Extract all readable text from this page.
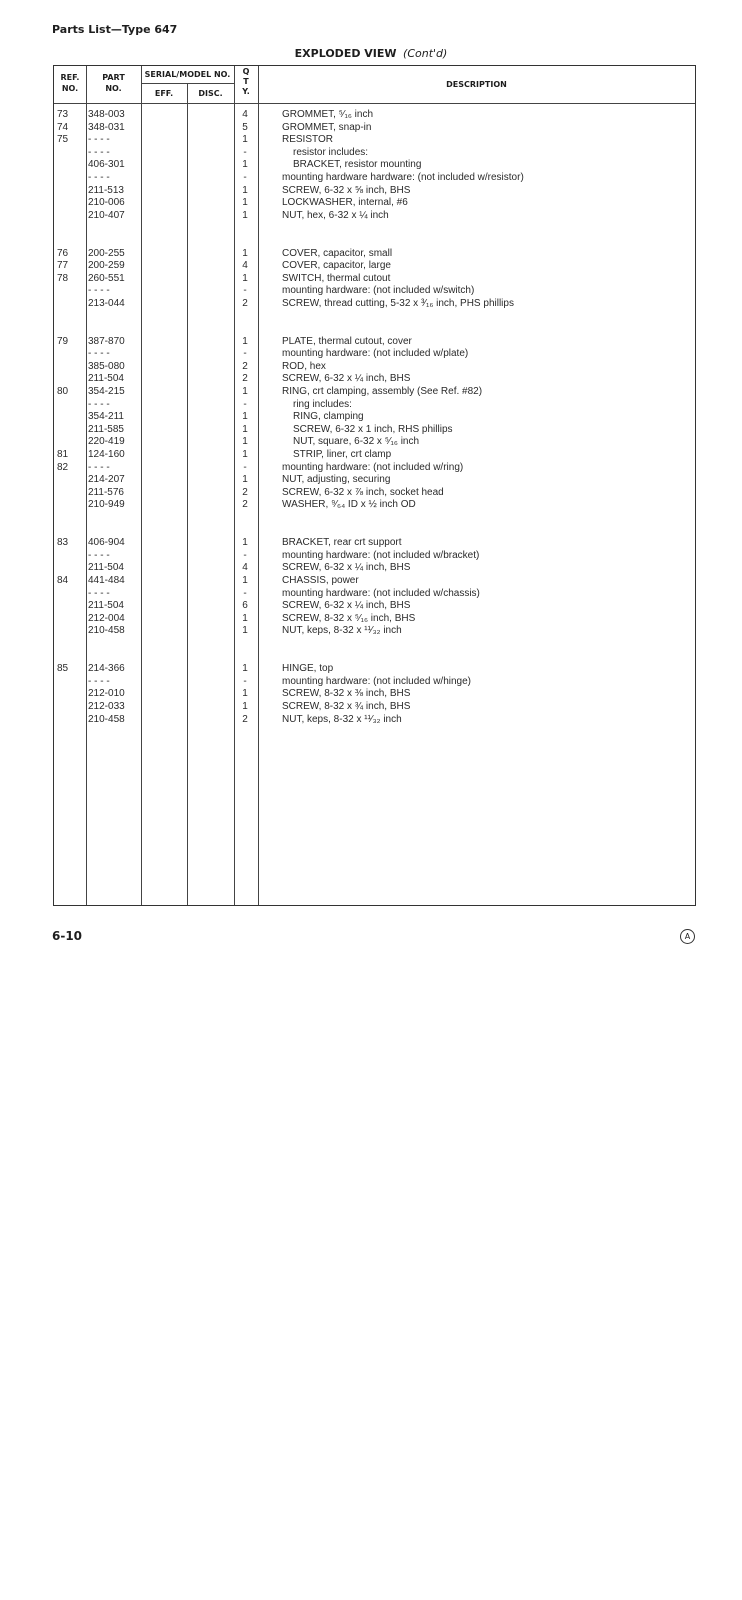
Parts List—Type 647
EXPLODED VIEW (Cont'd)
REF.
NO.
PART
NO.
SERIAL/MODEL NO.
EFF.	DISC.
Q
T
Y.
DESCRIPTION
73 348-003	4	GROMMET, ⁵⁄₁₆ inch
74 348-031	5	GROMMET, snap-in
75 - - - -	1	RESISTOR
- - - -	-	resistor includes:
406-301	1	BRACKET, resistor mounting
- - - -	-	mounting hardware hardware: (not included w/resistor)
211-513	1	SCREW, 6-32 x ⅝ inch, BHS
210-006	1	LOCKWASHER, internal, #6
210-407	1	NUT, hex, 6-32 x ¼ inch
76 200-255	1	COVER, capacitor, small
77 200-259	4	COVER, capacitor, large
78 260-551	1	SWITCH, thermal cutout
- - - -	-	mounting hardware: (not included w/switch)
213-044	2	SCREW, thread cutting, 5-32 x ³⁄₁₆ inch, PHS phillips
79 387-870	1	PLATE, thermal cutout, cover
- - - -	-	mounting hardware: (not included w/plate)
385-080	2	ROD, hex
211-504	2	SCREW, 6-32 x ¼ inch, BHS
80 354-215	1	RING, crt clamping, assembly (See Ref. #82)
- - - -	-	ring includes:
354-211	1	RING, clamping
211-585	1	SCREW, 6-32 x 1 inch, RHS phillips
220-419	1	NUT, square, 6-32 x ⁵⁄₁₆ inch
81 124-160	1	STRIP, liner, crt clamp
82 - - - -	-	mounting hardware: (not included w/ring)
214-207	1	NUT, adjusting, securing
211-576	2	SCREW, 6-32 x ⅞ inch, socket head
210-949	2	WASHER, ⁹⁄₆₄ ID x ½ inch OD
83 406-904	1	BRACKET, rear crt support
- - - -	-	mounting hardware: (not included w/bracket)
211-504	4	SCREW, 6-32 x ¼ inch, BHS
84 441-484	1	CHASSIS, power
- - - -	-	mounting hardware: (not included w/chassis)
211-504	6	SCREW, 6-32 x ¼ inch, BHS
212-004	1	SCREW, 8-32 x ⁵⁄₁₆ inch, BHS
210-458	1	NUT, keps, 8-32 x ¹¹⁄₃₂ inch
85 214-366	1	HINGE, top
- - - -	-	mounting hardware: (not included w/hinge)
212-010	1	SCREW, 8-32 x ⅜ inch, BHS
212-033	1	SCREW, 8-32 x ¾ inch, BHS
210-458	2	NUT, keps, 8-32 x ¹¹⁄₃₂ inch
6-10	A
